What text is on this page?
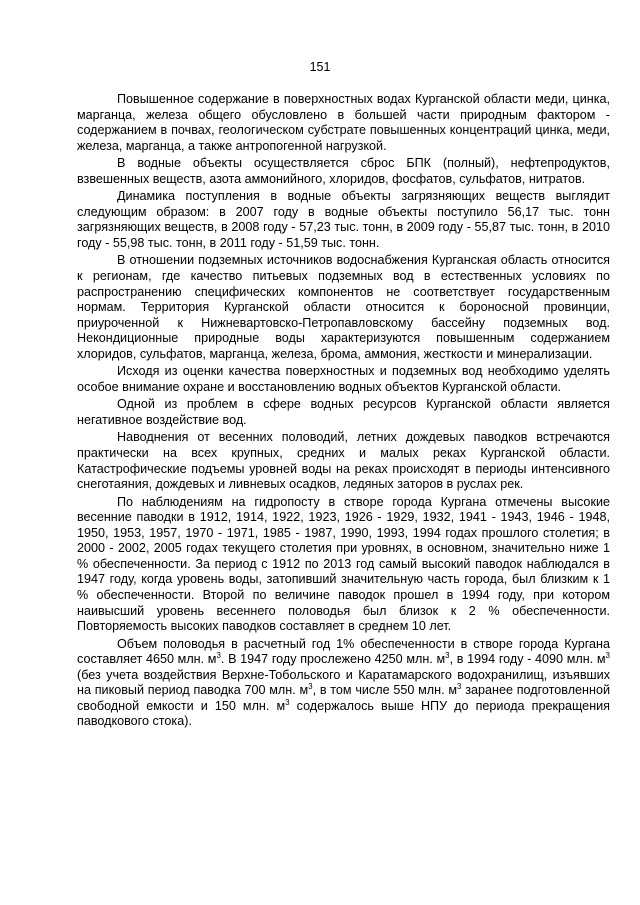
151

Повышенное содержание в поверхностных водах Курганской области меди, цинка, марганца, железа общего обусловлено в большей части природным фактором - содержанием в почвах, геологическом субстрате повышенных концентраций цинка, меди, железа, марганца, а также антропогенной нагрузкой.

В водные объекты осуществляется сброс БПК (полный), нефтепродуктов, взвешенных веществ, азота аммонийного, хлоридов, фосфатов, сульфатов, нитратов.

Динамика поступления в водные объекты загрязняющих веществ выглядит следующим образом: в 2007 году в водные объекты поступило 56,17 тыс. тонн загрязняющих веществ, в 2008 году - 57,23 тыс. тонн, в 2009 году - 55,87 тыс. тонн, в 2010 году - 55,98 тыс. тонн, в 2011 году - 51,59 тыс. тонн.

В отношении подземных источников водоснабжения Курганская область относится к регионам, где качество питьевых подземных вод в естественных условиях по распространению специфических компонентов не соответствует государственным нормам. Территория Курганской области относится к бороносной провинции, приуроченной к Нижневартовско-Петропавловскому бассейну подземных вод. Некондиционные природные воды характеризуются повышенным содержанием хлоридов, сульфатов, марганца, железа, брома, аммония, жесткости и минерализации.

Исходя из оценки качества поверхностных и подземных вод необходимо уделять особое внимание охране и восстановлению водных объектов Курганской области.

Одной из проблем в сфере водных ресурсов Курганской области является негативное воздействие вод.

Наводнения от весенних половодий, летних дождевых паводков встречаются практически на всех крупных, средних и малых реках Курганской области. Катастрофические подъемы уровней воды на реках происходят в периоды интенсивного снеготаяния, дождевых и ливневых осадков, ледяных заторов в руслах рек.

По наблюдениям на гидропосту в створе города Кургана отмечены высокие весенние паводки в 1912, 1914, 1922, 1923, 1926 - 1929, 1932, 1941 - 1943, 1946 - 1948, 1950, 1953, 1957, 1970 - 1971, 1985 - 1987, 1990, 1993, 1994 годах прошлого столетия; в 2000 - 2002, 2005 годах текущего столетия при уровнях, в основном, значительно ниже 1 % обеспеченности. За период с 1912 по 2013 год самый высокий паводок наблюдался в 1947 году, когда уровень воды, затопивший значительную часть города, был близким к 1 % обеспеченности. Второй по величине паводок прошел в 1994 году, при котором наивысший уровень весеннего половодья был близок к 2 % обеспеченности. Повторяемость высоких паводков составляет в среднем 10 лет.

Объем половодья в расчетный год 1% обеспеченности в створе города Кургана составляет 4650 млн. $м^3$. В 1947 году прослежено 4250 млн. $м^3$, в 1994 году - 4090 млн. $м^3$ (без учета воздействия Верхне-Тобольского и Каратамарского водохранилищ, изъявших на пиковый период паводка 700 млн. $м^3$, в том числе 550 млн. $м^3$ заранее подготовленной свободной емкости и 150 млн. $м^3$ содержалось выше НПУ до периода прекращения паводкового стока).
